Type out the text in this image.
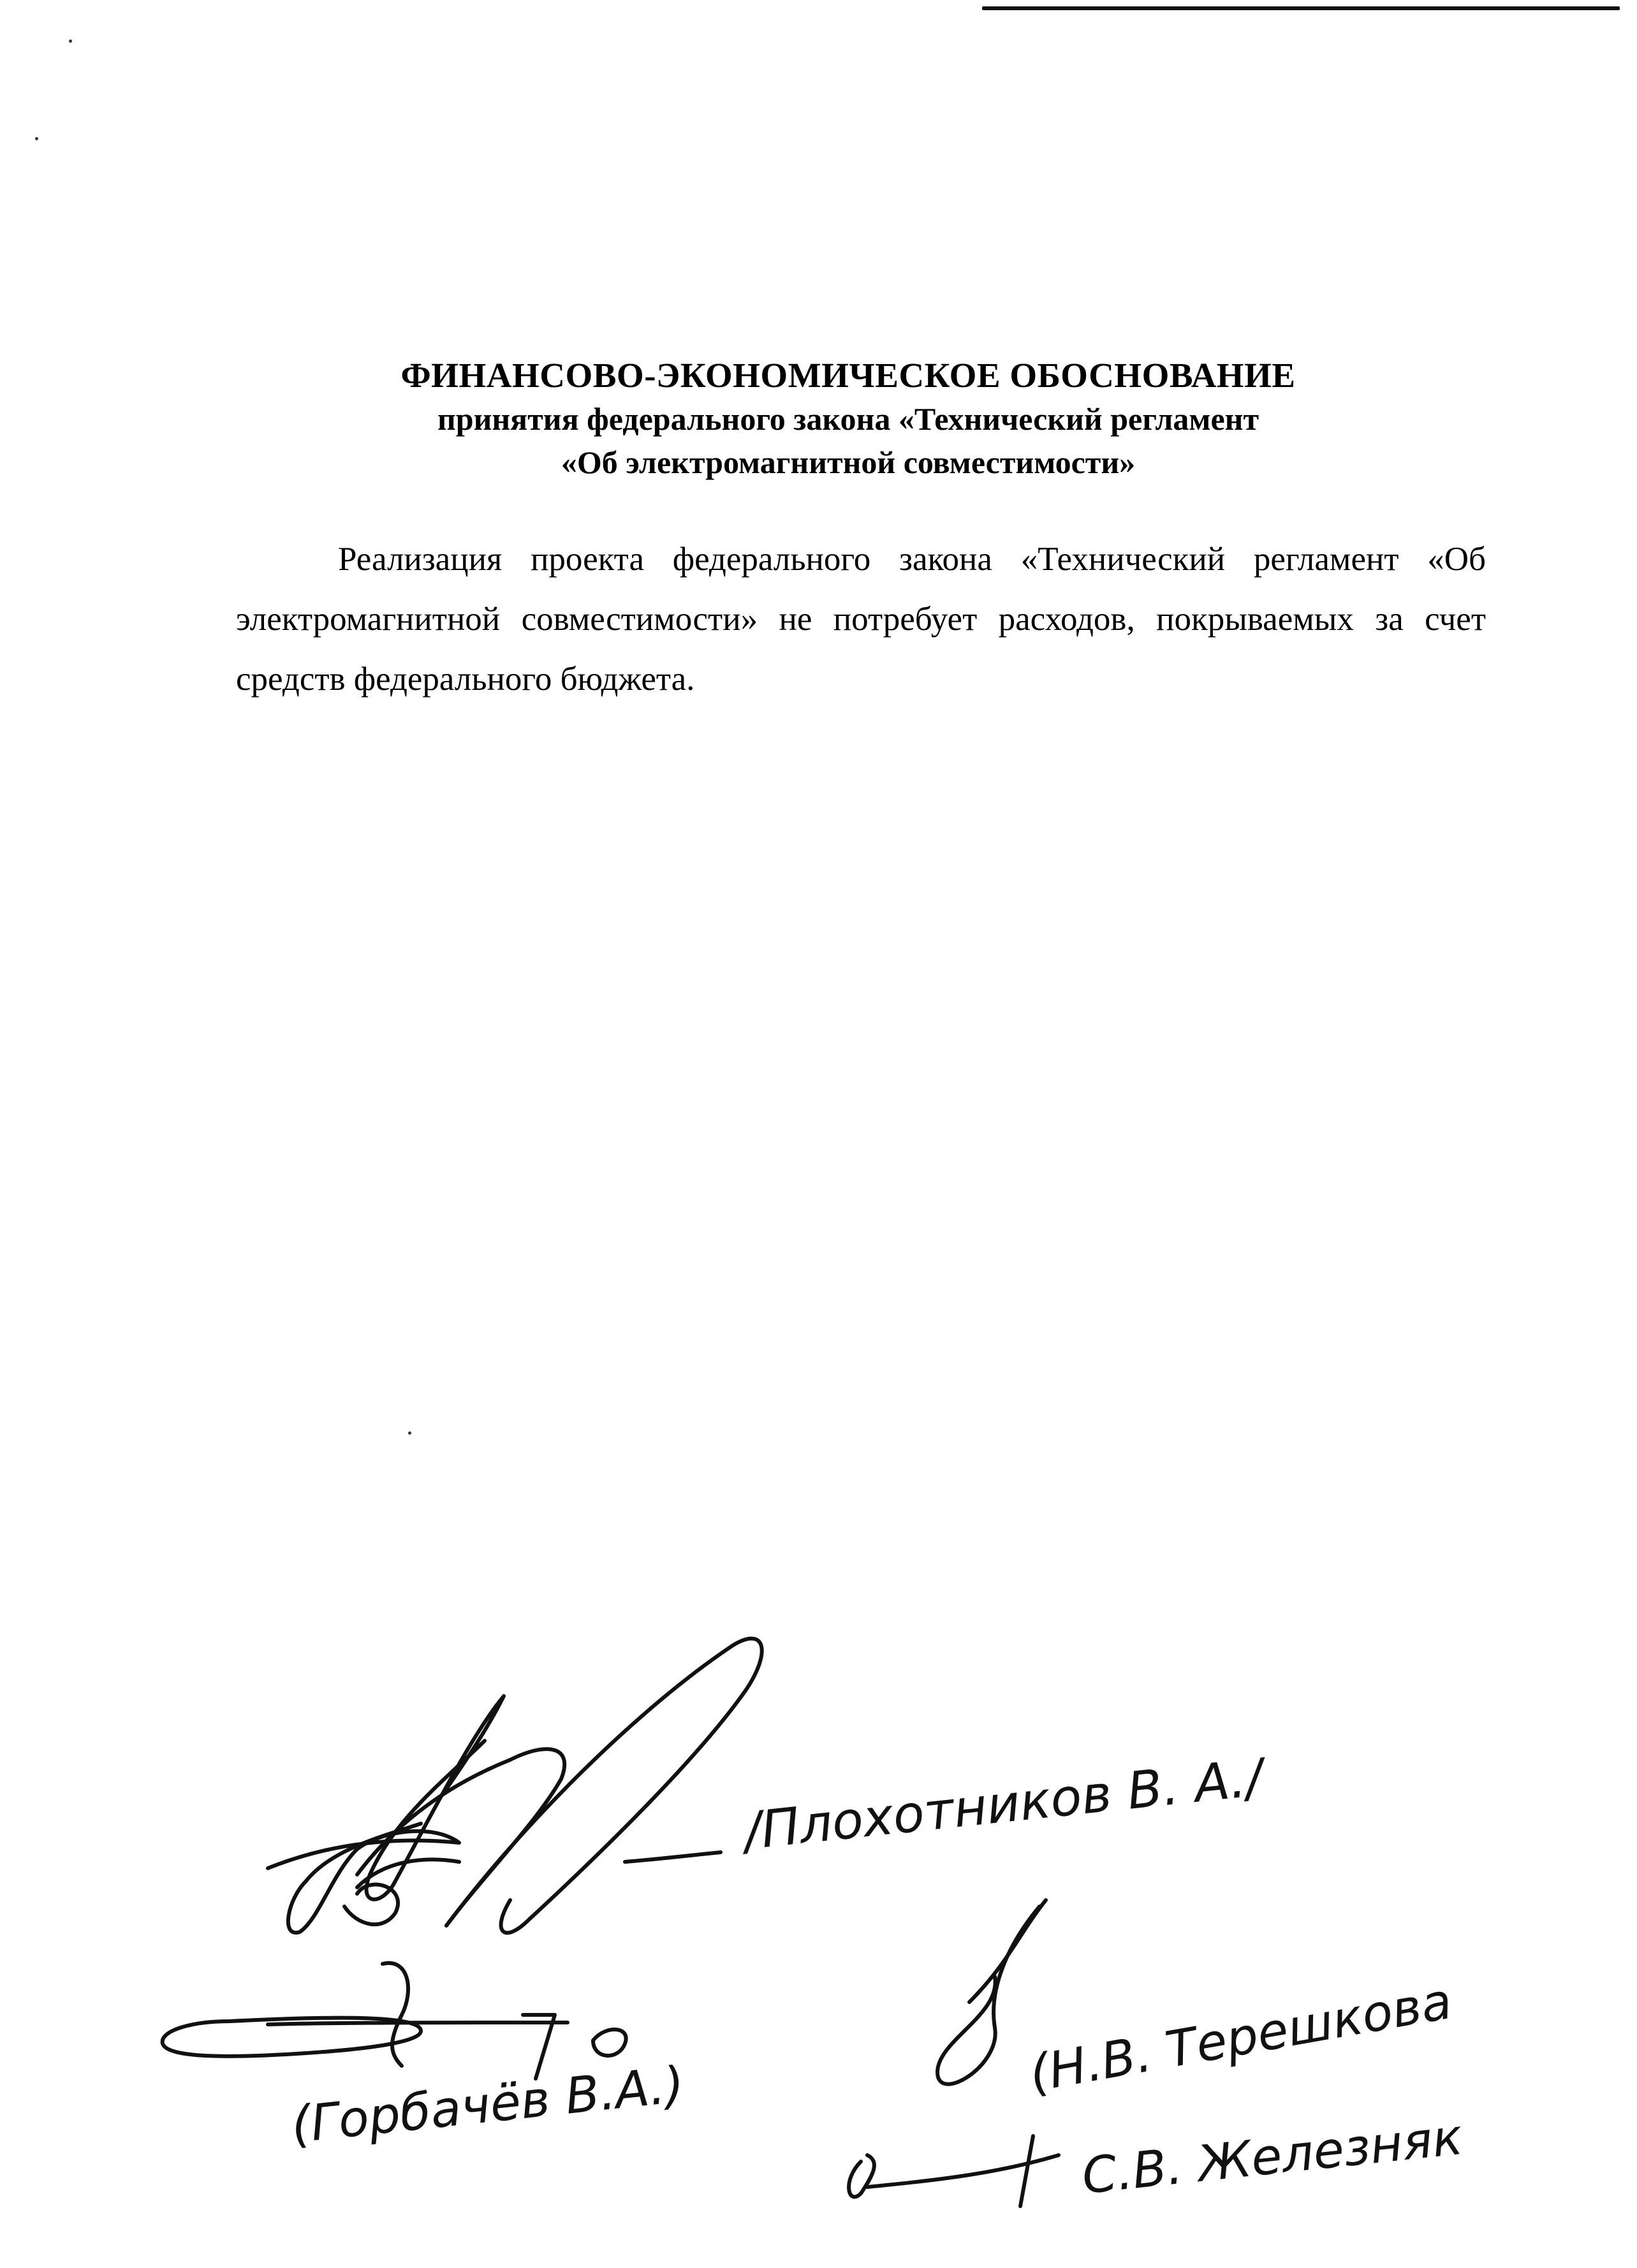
ФИНАНСОВО-ЭКОНОМИЧЕСКОЕ ОБОСНОВАНИЕ
принятия федерального закона «Технический регламент
«Об электромагнитной совместимости»
Реализация проекта федерального закона «Технический регламент «Об электромагнитной совместимости» не потребует расходов, покрываемых за счет средств федерального бюджета.
/Плохотников В. А./
(Горбачёв В.А.)
(Н.В. Терешкова
С.В. Железняк
